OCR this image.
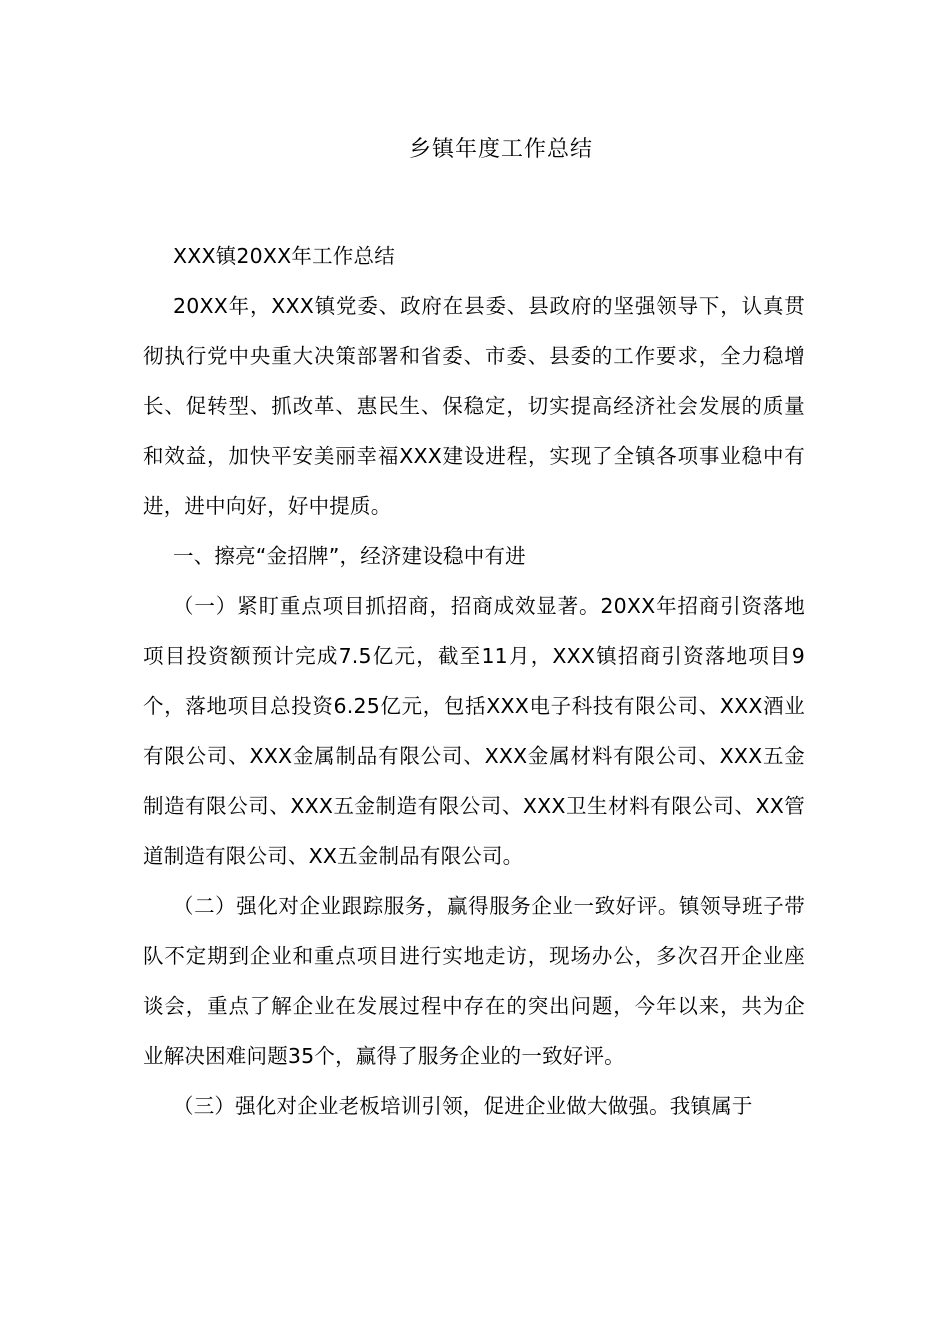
乡镇年度工作总结

XXX镇20XX年工作总结

20XX年，XXX镇党委、政府在县委、县政府的坚强领导下，认真贯彻执行党中央重大决策部署和省委、市委、县委的工作要求，全力稳增长、促转型、抓改革、惠民生、保稳定，切实提高经济社会发展的质量和效益，加快平安美丽幸福XXX建设进程，实现了全镇各项事业稳中有进，进中向好，好中提质。

一、擦亮“金招牌”，经济建设稳中有进

（一）紧盯重点项目抓招商，招商成效显著。20XX年招商引资落地项目投资额预计完成7.5亿元，截至11月，XXX镇招商引资落地项目9个，落地项目总投资6.25亿元，包括XXX电子科技有限公司、XXX酒业有限公司、XXX金属制品有限公司、XXX金属材料有限公司、XXX五金制造有限公司、XXX五金制造有限公司、XXX卫生材料有限公司、XX管道制造有限公司、XX五金制品有限公司。

（二）强化对企业跟踪服务，赢得服务企业一致好评。镇领导班子带队不定期到企业和重点项目进行实地走访，现场办公，多次召开企业座谈会，重点了解企业在发展过程中存在的突出问题，今年以来，共为企业解决困难问题35个，赢得了服务企业的一致好评。

（三）强化对企业老板培训引领，促进企业做大做强。我镇属于
